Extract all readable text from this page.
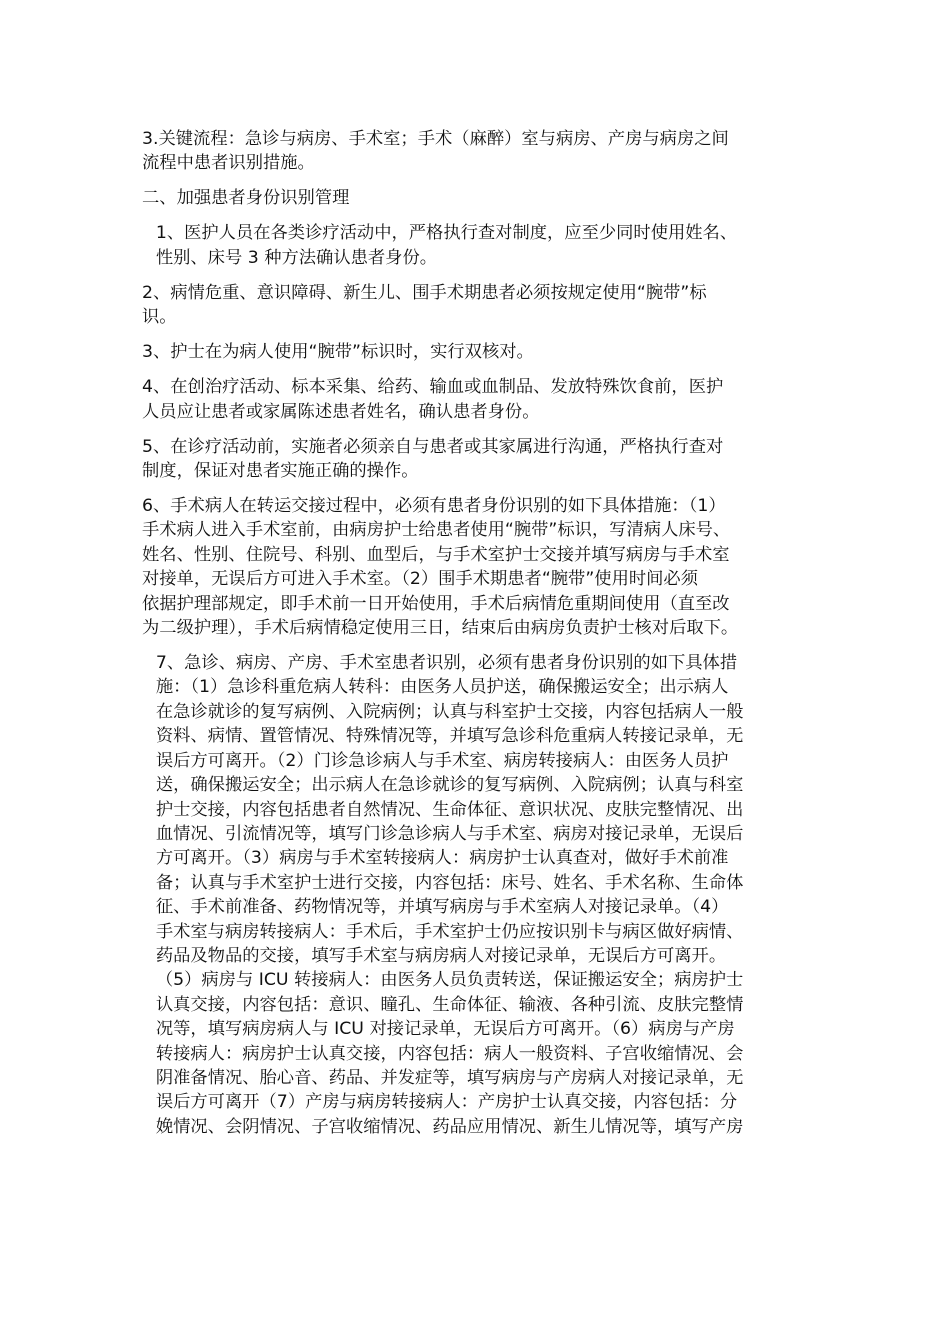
3.关键流程：急诊与病房、手术室；手术（麻醉）室与病房、产房与病房之间
流程中患者识别措施。

二、加强患者身份识别管理

1、医护人员在各类诊疗活动中，严格执行查对制度，应至少同时使用姓名、
性别、床号 3 种方法确认患者身份。

2、病情危重、意识障碍、新生儿、围手术期患者必须按规定使用“腕带”标
识。

3、护士在为病人使用“腕带”标识时，实行双核对。

4、在创治疗活动、标本采集、给药、输血或血制品、发放特殊饮食前，医护
人员应让患者或家属陈述患者姓名，确认患者身份。

5、在诊疗活动前，实施者必须亲自与患者或其家属进行沟通，严格执行查对
制度，保证对患者实施正确的操作。

6、手术病人在转运交接过程中，必须有患者身份识别的如下具体措施：（1）
手术病人进入手术室前，由病房护士给患者使用“腕带”标识，写清病人床号、
姓名、性别、住院号、科别、血型后，与手术室护士交接并填写病房与手术室
对接单，无误后方可进入手术室。（2）围手术期患者“腕带”使用时间必须
依据护理部规定，即手术前一日开始使用，手术后病情危重期间使用（直至改
为二级护理），手术后病情稳定使用三日，结束后由病房负责护士核对后取下。

7、急诊、病房、产房、手术室患者识别，必须有患者身份识别的如下具体措
施：（1）急诊科重危病人转科：由医务人员护送，确保搬运安全；出示病人
在急诊就诊的复写病例、入院病例；认真与科室护士交接，内容包括病人一般
资料、病情、置管情况、特殊情况等，并填写急诊科危重病人转接记录单，无
误后方可离开。（2）门诊急诊病人与手术室、病房转接病人：由医务人员护
送，确保搬运安全；出示病人在急诊就诊的复写病例、入院病例；认真与科室
护士交接，内容包括患者自然情况、生命体征、意识状况、皮肤完整情况、出
血情况、引流情况等，填写门诊急诊病人与手术室、病房对接记录单，无误后
方可离开。（3）病房与手术室转接病人：病房护士认真查对，做好手术前准
备；认真与手术室护士进行交接，内容包括：床号、姓名、手术名称、生命体
征、手术前准备、药物情况等，并填写病房与手术室病人对接记录单。（4）
手术室与病房转接病人：手术后，手术室护士仍应按识别卡与病区做好病情、
药品及物品的交接，填写手术室与病房病人对接记录单，无误后方可离开。
（5）病房与 ICU 转接病人：由医务人员负责转送，保证搬运安全；病房护士
认真交接，内容包括：意识、瞳孔、生命体征、输液、各种引流、皮肤完整情
况等，填写病房病人与 ICU 对接记录单，无误后方可离开。（6）病房与产房
转接病人：病房护士认真交接，内容包括：病人一般资料、子宫收缩情况、会
阴准备情况、胎心音、药品、并发症等，填写病房与产房病人对接记录单，无
误后方可离开（7）产房与病房转接病人：产房护士认真交接，内容包括：分
娩情况、会阴情况、子宫收缩情况、药品应用情况、新生儿情况等，填写产房
